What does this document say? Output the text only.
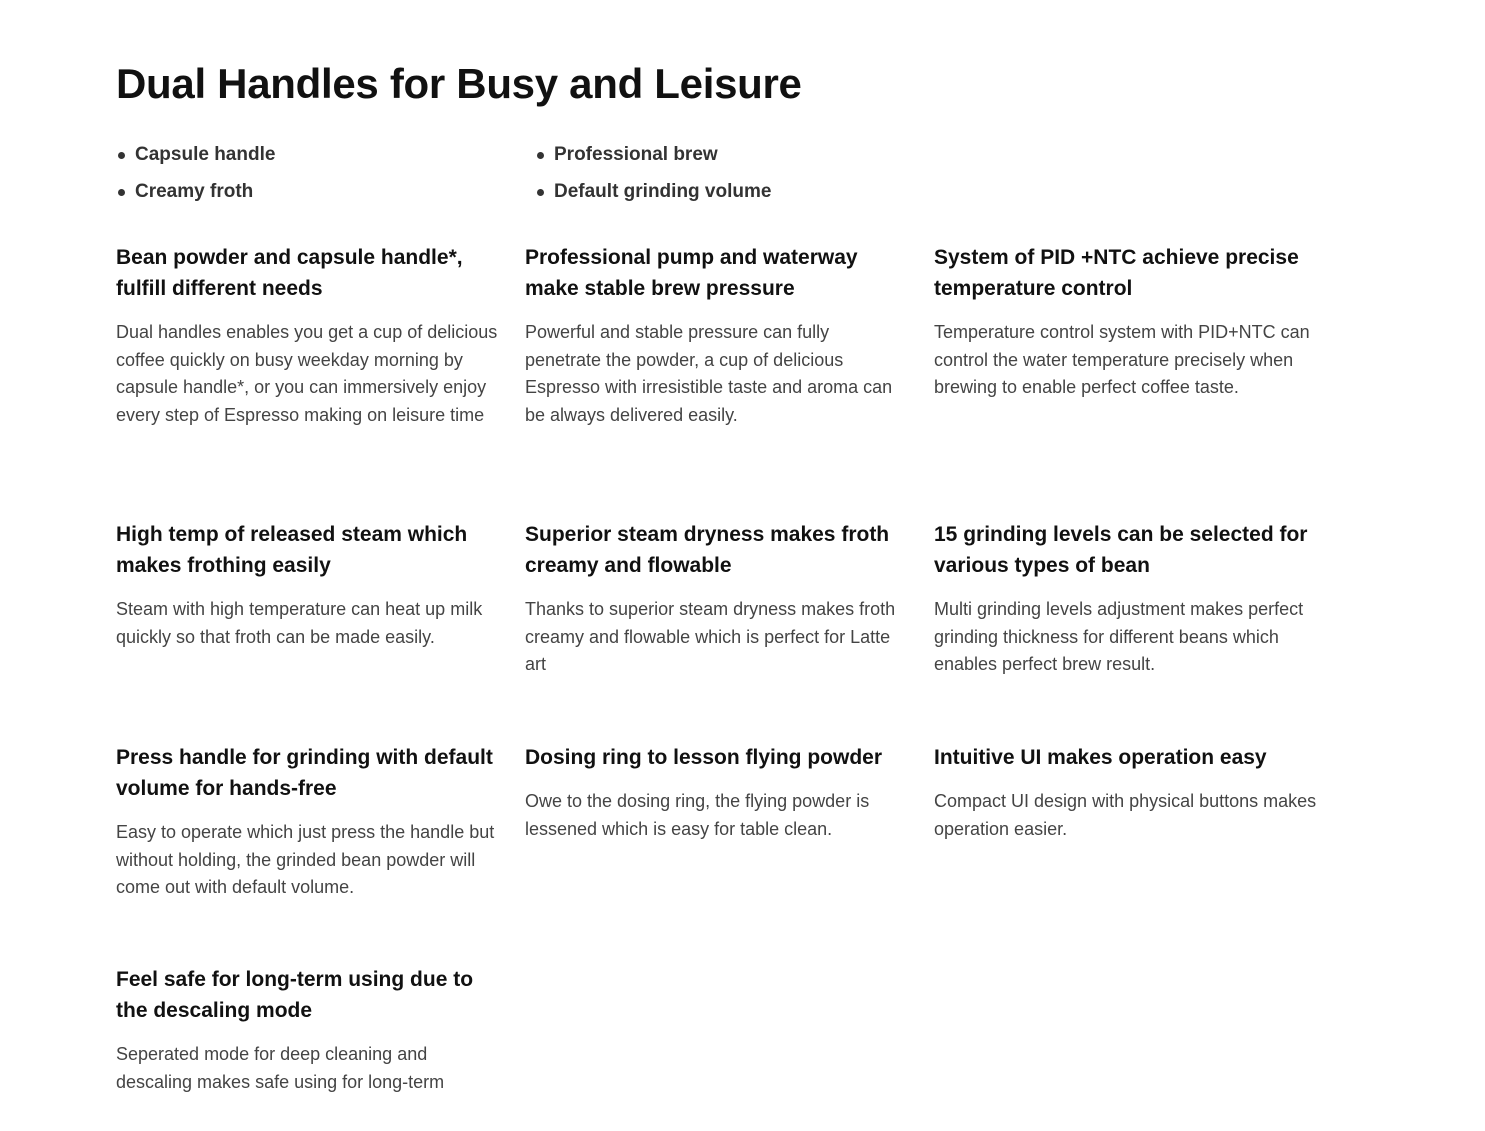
Dual Handles for Busy and Leisure
Capsule handle
Creamy froth
Professional brew
Default grinding volume
Bean powder and capsule handle*, fulfill different needs

Dual handles enables you get a cup of delicious coffee quickly on busy weekday morning by capsule handle*, or you can immersively enjoy every step of Espresso making on leisure time

Professional pump and waterway make stable brew pressure

Powerful and stable pressure can fully penetrate the powder, a cup of delicious Espresso with irresistible taste and aroma can be always delivered easily.

System of PID +NTC achieve precise temperature control

Temperature control system with PID+NTC can control the water temperature precisely when brewing to enable perfect coffee taste.

High temp of released steam which makes frothing easily

Steam with high temperature can heat up milk quickly so that froth can be made easily.

Superior steam dryness makes froth creamy and flowable

Thanks to superior steam dryness makes froth creamy and flowable which is perfect for Latte art

15 grinding levels can be selected for various types of bean

Multi grinding levels adjustment makes perfect grinding thickness for different beans which enables perfect brew result.

Press handle for grinding with default volume for hands-free

Easy to operate which just press the handle but without holding, the grinded bean powder will come out with default volume.

Dosing ring to lesson flying powder

Owe to the dosing ring, the flying powder is lessened which is easy for table clean.

Intuitive UI makes operation easy

Compact UI design with physical buttons makes operation easier.

Feel safe for long-term using due to the descaling mode

Seperated mode for deep cleaning and descaling makes safe using for long-term
